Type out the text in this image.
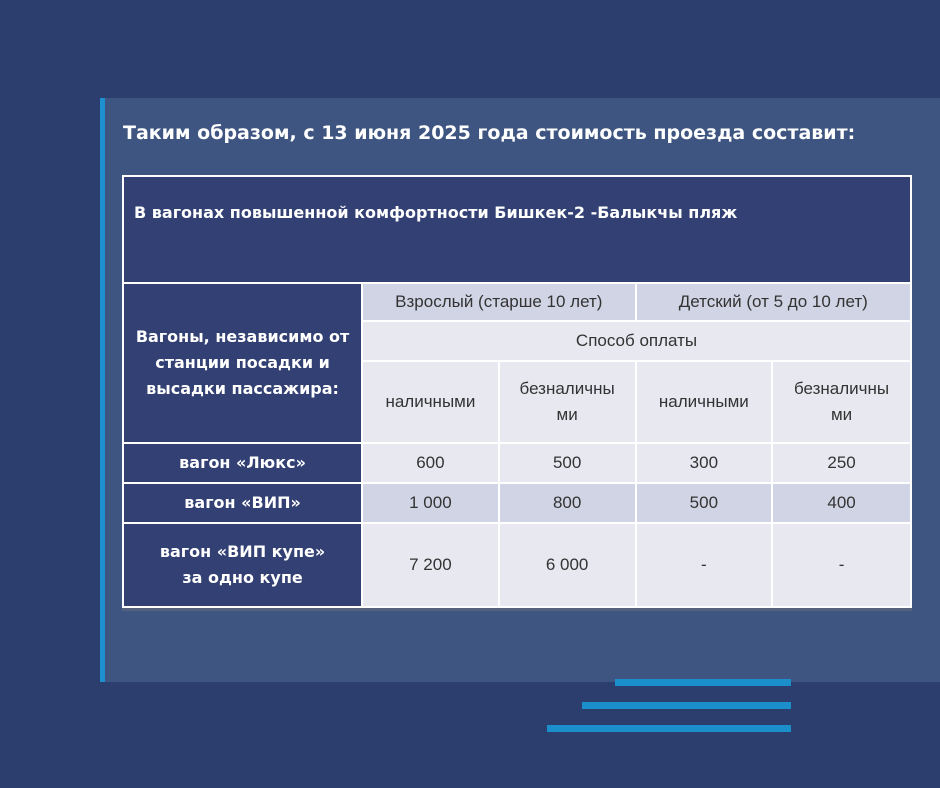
Таким образом, с 13 июня 2025 года стоимость проезда составит:
В вагонах повышенной комфортности Бишкек-2 -Балыкчы пляж				

Вагоны, независимо от станции посадки и высадки пассажира:	Взрослый (старше 10 лет)		Детский (от 5 до 10 лет)	
	Способ оплаты			
	наличными	безналичны ми	наличными	безналичны ми
вагон «Люкс»	600	500	300	250
вагон «ВИП»	1 000	800	500	400
вагон «ВИП купе» за одно купе	7 200	6 000	-	-
